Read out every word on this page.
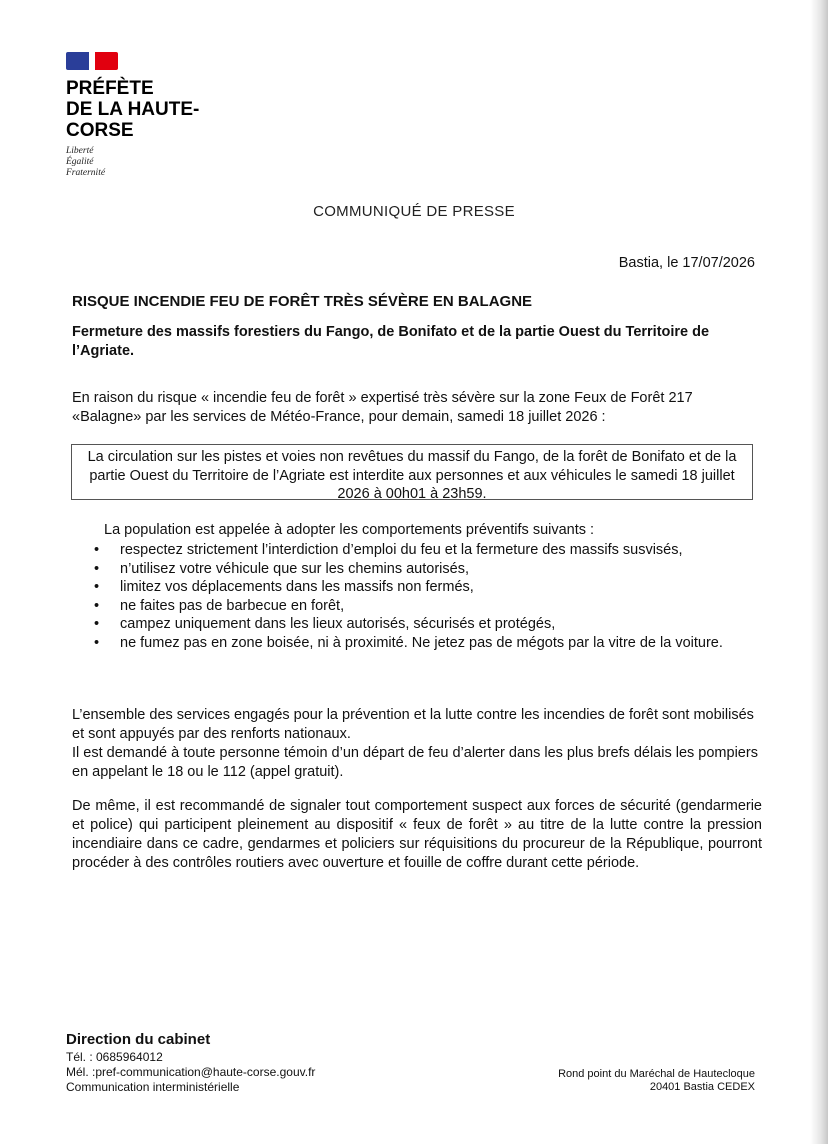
PRÉFÈTE
DE LA HAUTE-
CORSE
Liberté
Égalité
Fraternité
COMMUNIQUÉ DE PRESSE
Bastia, le 17/07/2026
RISQUE INCENDIE FEU DE FORÊT TRÈS SÉVÈRE EN BALAGNE
Fermeture des massifs forestiers du Fango, de Bonifato et de la partie Ouest du Territoire de l’Agriate.
En raison du risque « incendie feu de forêt » expertisé très sévère sur la zone Feux de Forêt 217 «Balagne» par les services de Météo-France, pour demain, samedi 18 juillet 2026 :
La circulation sur les pistes et voies non revêtues du massif du Fango, de la forêt de Bonifato et de la partie Ouest du Territoire de l’Agriate est interdite aux personnes et aux véhicules le samedi 18 juillet 2026 à 00h01 à 23h59.
La population est appelée à adopter les comportements préventifs suivants :
• respectez strictement l’interdiction d’emploi du feu et la fermeture des massifs susvisés,
• n’utilisez votre véhicule que sur les chemins autorisés,
• limitez vos déplacements dans les massifs non fermés,
• ne faites pas de barbecue en forêt,
• campez uniquement dans les lieux autorisés, sécurisés et protégés,
• ne fumez pas en zone boisée, ni à proximité. Ne jetez pas de mégots par la vitre de la voiture.
L’ensemble des services engagés pour la prévention et la lutte contre les incendies de forêt sont mobilisés et sont appuyés par des renforts nationaux.
Il est demandé à toute personne témoin d’un départ de feu d’alerter dans les plus brefs délais les pompiers en appelant le 18 ou le 112 (appel gratuit).
De même, il est recommandé de signaler tout comportement suspect aux forces de sécurité (gendarmerie et police) qui participent pleinement au dispositif « feux de forêt » au titre de la lutte contre la pression incendiaire dans ce cadre, gendarmes et policiers sur réquisitions du procureur de la République, pourront procéder à des contrôles routiers avec ouverture et fouille de coffre durant cette période.
Direction du cabinet
Tél. : 0685964012
Mél. :pref-communication@haute-corse.gouv.fr
Communication interministérielle
Rond point du Maréchal de Hautecloque
20401 Bastia CEDEX
